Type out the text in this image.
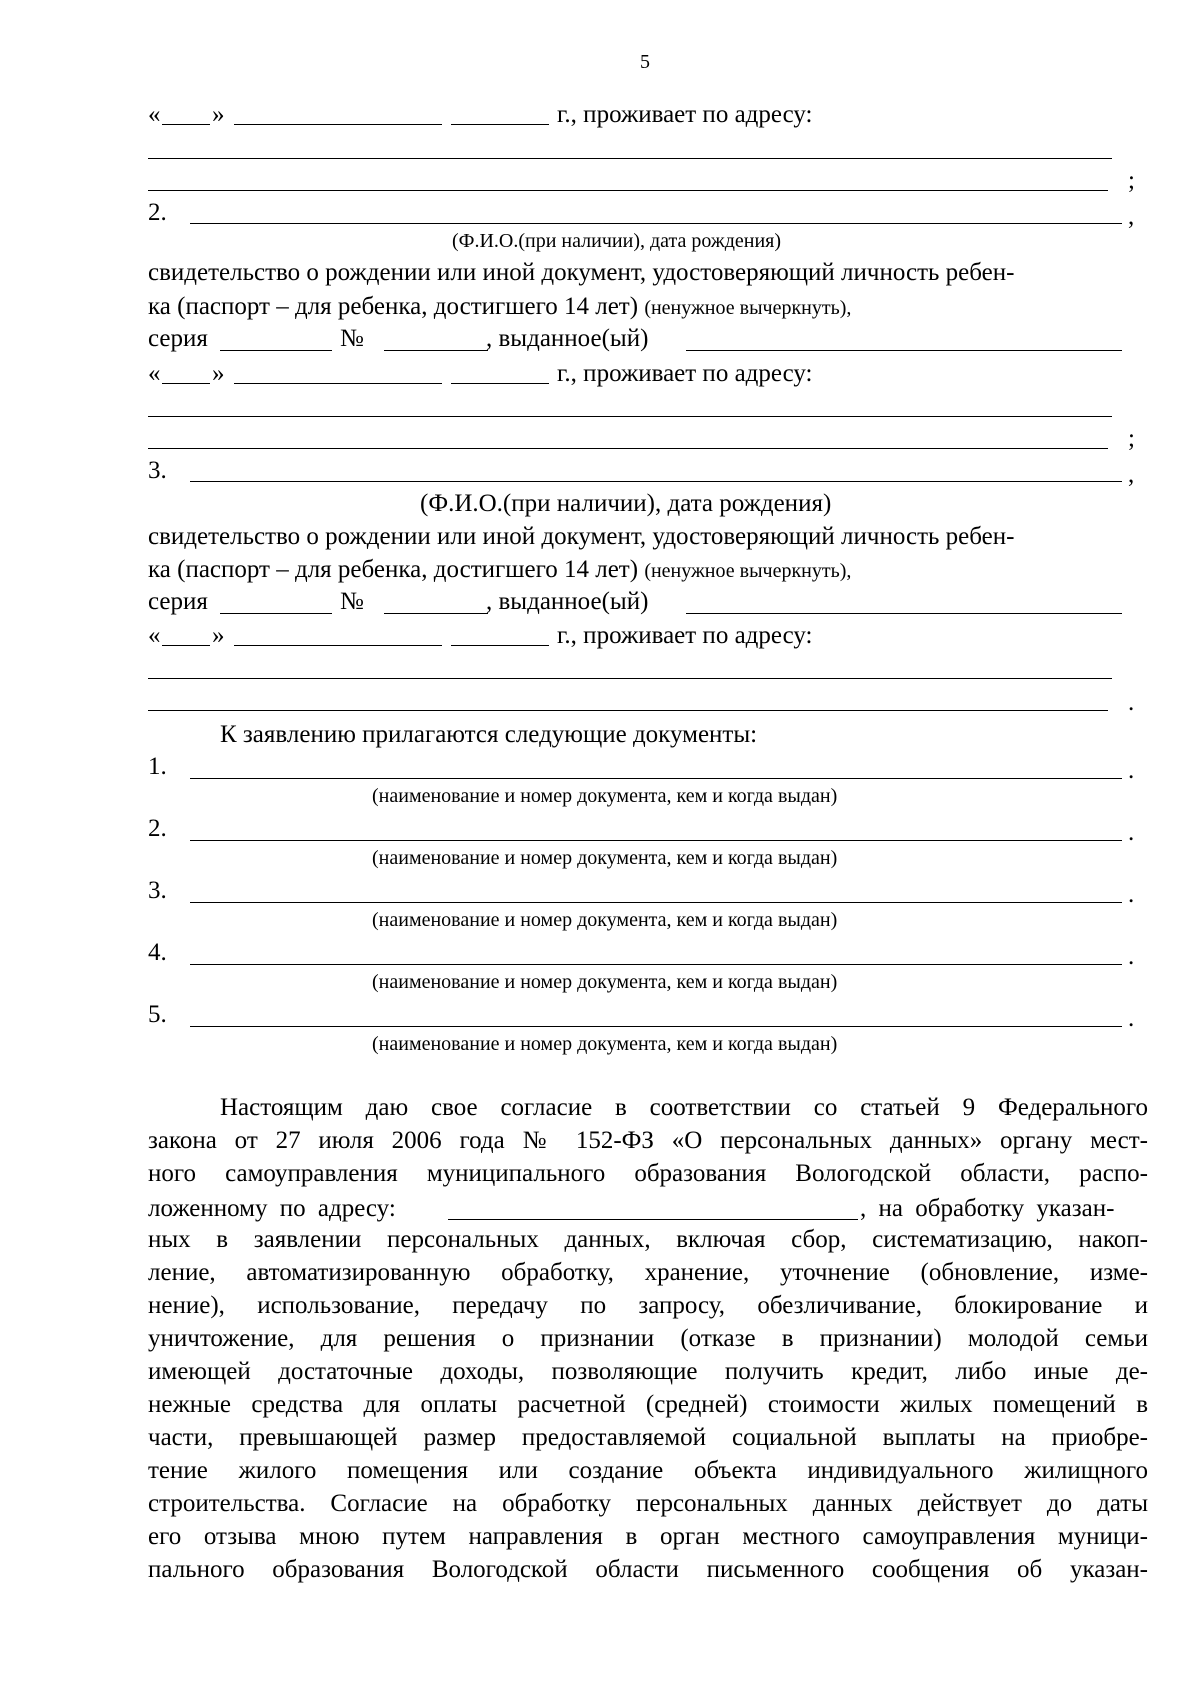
5
« »	г., проживает по адресу:
;
2.	,
(Ф.И.О.(при наличии), дата рождения)
свидетельство о рождении или иной документ, удостоверяющий личность ребен-
ка (паспорт – для ребенка, достигшего 14 лет) (ненужное вычеркнуть),
серия	№	, выданное(ый)
« »	г., проживает по адресу:
;
3.	,
(Ф.И.О.(при наличии), дата рождения)
свидетельство о рождении или иной документ, удостоверяющий личность ребен-
ка (паспорт – для ребенка, достигшего 14 лет) (ненужное вычеркнуть),
серия	№	, выданное(ый)
« »	г., проживает по адресу:
.
К заявлению прилагаются следующие документы:
1.	.
(наименование и номер документа, кем и когда выдан)
2.	.
(наименование и номер документа, кем и когда выдан)
3.	.
(наименование и номер документа, кем и когда выдан)
4.	.
(наименование и номер документа, кем и когда выдан)
5.	.
(наименование и номер документа, кем и когда выдан)
Настоящим даю свое согласие в соответствии со статьей 9 Федерального
закона от 27 июля 2006 года № 152-ФЗ «О персональных данных» органу мест-
ного самоуправления муниципального образования Вологодской области, распо-
ложенному по адресу:	, на обработку указан-
ных в заявлении персональных данных, включая сбор, систематизацию, накоп-
ление, автоматизированную обработку, хранение, уточнение (обновление, изме-
нение), использование, передачу по запросу, обезличивание, блокирование и
уничтожение, для решения о признании (отказе в признании) молодой семьи
имеющей достаточные доходы, позволяющие получить кредит, либо иные де-
нежные средства для оплаты расчетной (средней) стоимости жилых помещений в
части, превышающей размер предоставляемой социальной выплаты на приобре-
тение жилого помещения или создание объекта индивидуального жилищного
строительства. Согласие на обработку персональных данных действует до даты
его отзыва мною путем направления в орган местного самоуправления муници-
пального образования Вологодской области письменного сообщения об указан-
